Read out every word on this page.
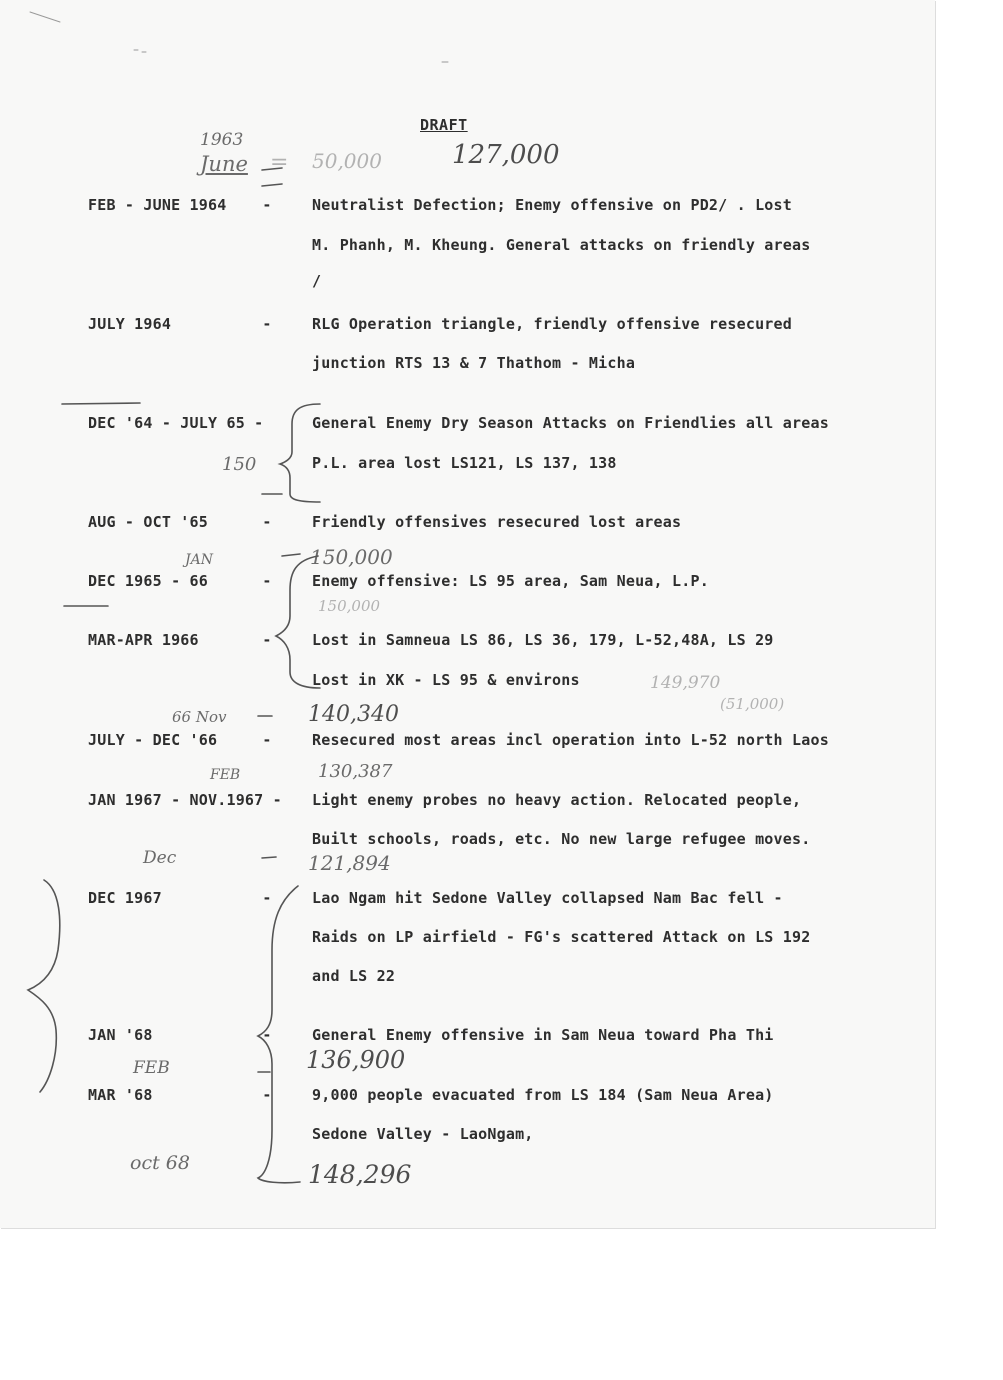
DRAFT
FEB - JUNE 1964	-	Neutralist Defection; Enemy offensive on PD2/ . Lost
M. Phanh, M. Kheung. General attacks on friendly areas
/
JULY 1964	-	RLG Operation triangle, friendly offensive resecured
junction RTS 13 & 7 Thathom - Micha
DEC '64 - JULY 65 -	General Enemy Dry Season Attacks on Friendlies all areas
P.L. area lost LS121, LS 137, 138
AUG - OCT '65	-	Friendly offensives resecured lost areas
DEC 1965 - 66	-	Enemy offensive: LS 95 area, Sam Neua, L.P.
MAR-APR 1966	-	Lost in Samneua LS 86, LS 36, 179, L-52,48A, LS 29
Lost in XK - LS 95 & environs
JULY - DEC '66	-	Resecured most areas incl operation into L-52 north Laos
JAN 1967 - NOV.1967 - Light enemy probes no heavy action. Relocated people,
Built schools, roads, etc. No new large refugee moves.
DEC 1967	-	Lao Ngam hit Sedone Valley collapsed Nam Bac fell -
Raids on LP airfield - FG's scattered Attack on LS 192
and LS 22
JAN '68	-	General Enemy offensive in Sam Neua toward Pha Thi
MAR '68	-	9,000 people evacuated from LS 184 (Sam Neua Area)
Sedone Valley - LaoNgam,
1963
June = 50,000	127,000
150
JAN	150,000
150,000
149,970
(51,000)
66 Nov	140,340
FEB	130,387
Dec	121,894
FEB	136,900
oct 68	148,296
